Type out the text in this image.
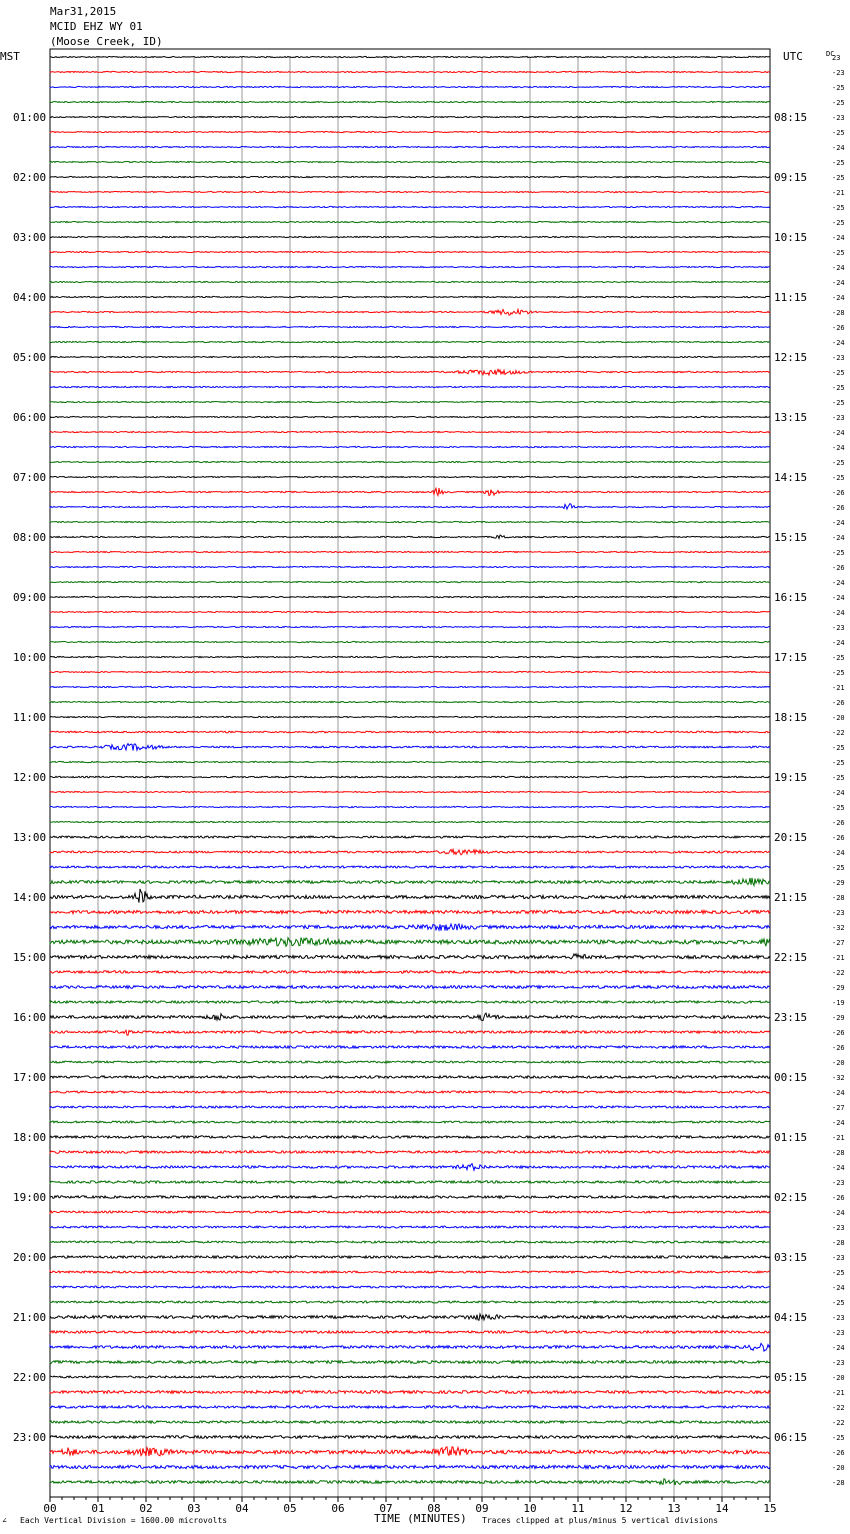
Mar31,2015
MCID EHZ WY 01
(Moose Creek, ID)
MST	UTC	DC
23
-23
-25
-25
-23
-25
-24
-25
-25
-21
-25
-25
-24
-25
-24
-24
-24
-28
-26
-24
-23
-25
-25
-25
-23
-24
-24
-25
-25
-26
-26
-24
-24
-25
-26
-24
-24
-24
-23
-24
-25
-25
-21
-26
-20
-22
-25
-25
-25
-24
-25
-26
-26
-24
-25
-29
-28
-23
-32
-27
-21
-22
-29
-19
-29
-26
-26
-20
-32
-24
-27
-24
-21
-28
-24
-23
-26
-24
-23
-28
-23
-25
-24
-25
-23
-23
-24
-23
-20
-21
-22
-22
-25
-26
-20
-28
01:00	08:15
02:00	09:15
03:00	10:15
04:00	11:15
05:00	12:15
06:00	13:15
07:00	14:15
08:00	15:15
09:00	16:15
10:00	17:15
11:00	18:15
12:00	19:15
13:00	20:15
14:00	21:15
15:00	22:15
16:00	23:15
17:00	00:15
18:00	01:15
19:00	02:15
20:00	03:15
21:00	04:15
22:00	05:15
23:00	06:15
00	01	02	03	04	05	06	07	08	09	10	11	12	13	14	15
∠ Each Vertical Division = 1600.00 microvolts	TIME (MINUTES) Traces clipped at plus/minus 5 vertical divisions
